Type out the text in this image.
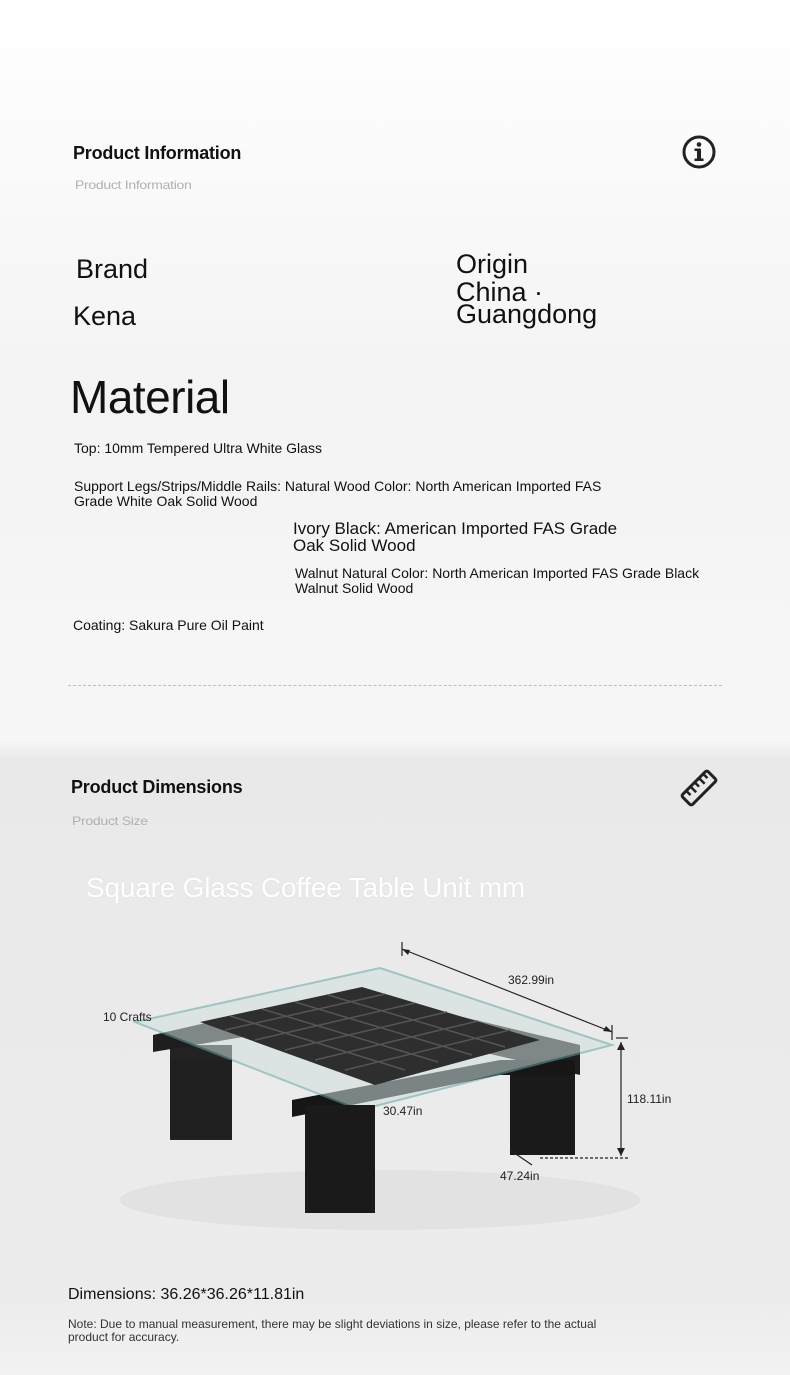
Product Information
Product Information
Brand
Kena
Origin
China ·
Guangdong
Material
Top: 10mm Tempered Ultra White Glass
Support Legs/Strips/Middle Rails: Natural Wood Color: North American Imported FAS
Grade White Oak Solid Wood
Ivory Black: American Imported FAS Grade
Oak Solid Wood
Walnut Natural Color: North American Imported FAS Grade Black
Walnut Solid Wood
Coating: Sakura Pure Oil Paint
Product Dimensions
Product Size
Square Glass Coffee Table Unit mm
362.99in
10 Crafts
118.11in
30.47in
47.24in
Dimensions: 36.26*36.26*11.81in
Note: Due to manual measurement, there may be slight deviations in size, please refer to the actual
product for accuracy.
